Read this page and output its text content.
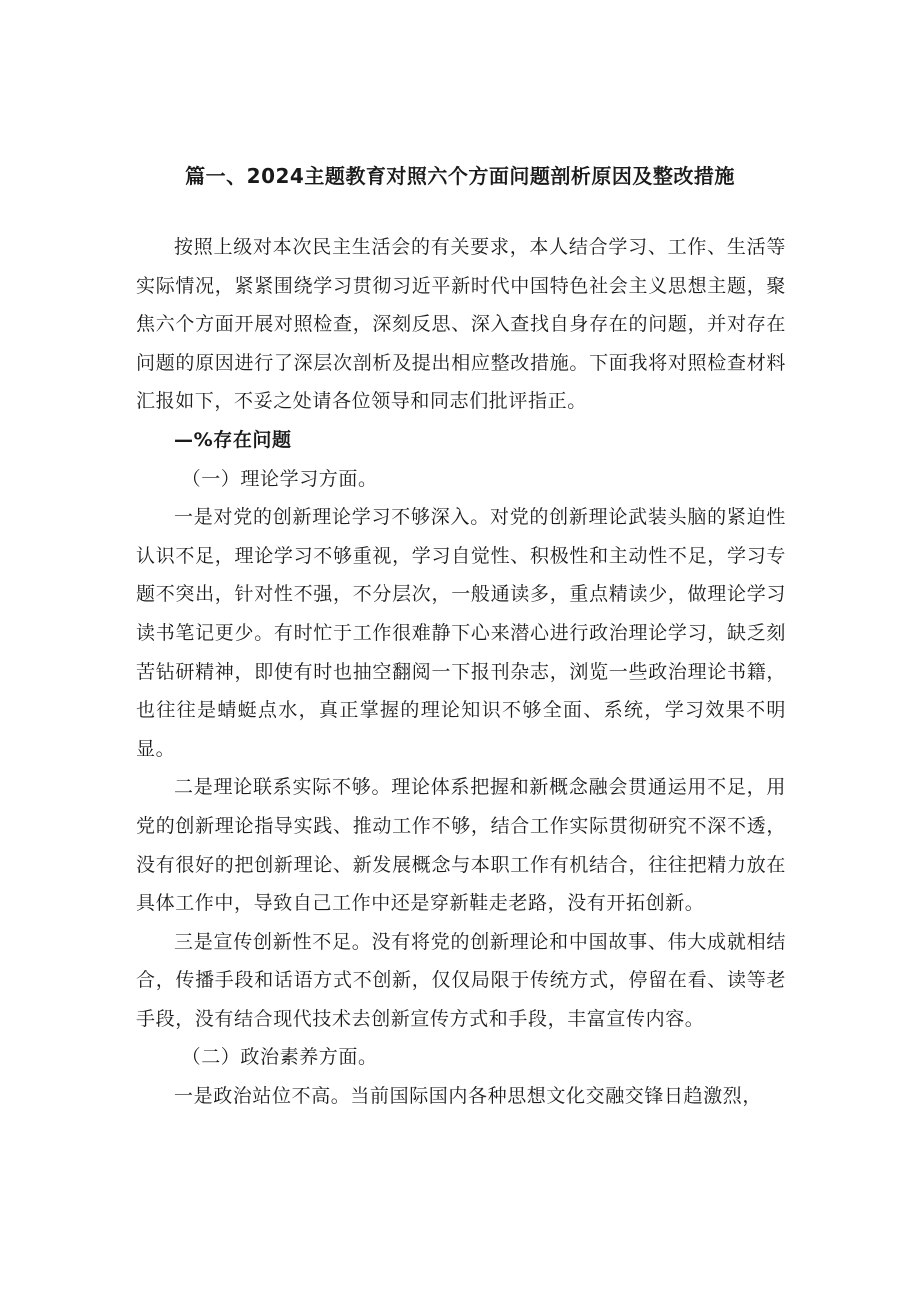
篇一、2024主题教育对照六个方面问题剖析原因及整改措施

按照上级对本次民主生活会的有关要求，本人结合学习、工作、生活等实际情况，紧紧围绕学习贯彻习近平新时代中国特色社会主义思想主题，聚焦六个方面开展对照检查，深刻反思、深入查找自身存在的问题，并对存在问题的原因进行了深层次剖析及提出相应整改措施。下面我将对照检查材料汇报如下，不妥之处请各位领导和同志们批评指正。

—%存在问题

（一）理论学习方面。

一是对党的创新理论学习不够深入。对党的创新理论武装头脑的紧迫性认识不足，理论学习不够重视，学习自觉性、积极性和主动性不足，学习专题不突出，针对性不强，不分层次，一般通读多，重点精读少，做理论学习读书笔记更少。有时忙于工作很难静下心来潜心进行政治理论学习，缺乏刻苦钻研精神，即使有时也抽空翻阅一下报刊杂志，浏览一些政治理论书籍，也往往是蜻蜓点水，真正掌握的理论知识不够全面、系统，学习效果不明显。

二是理论联系实际不够。理论体系把握和新概念融会贯通运用不足，用党的创新理论指导实践、推动工作不够，结合工作实际贯彻研究不深不透，没有很好的把创新理论、新发展概念与本职工作有机结合，往往把精力放在具体工作中，导致自己工作中还是穿新鞋走老路，没有开拓创新。

三是宣传创新性不足。没有将党的创新理论和中国故事、伟大成就相结合，传播手段和话语方式不创新，仅仅局限于传统方式，停留在看、读等老手段，没有结合现代技术去创新宣传方式和手段，丰富宣传内容。

（二）政治素养方面。

一是政治站位不高。当前国际国内各种思想文化交融交锋日趋激烈，
